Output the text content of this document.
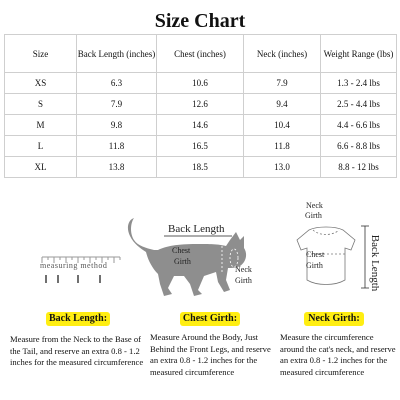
Size Chart
Size	Back Length (inches)	Chest (inches)	Neck (inches)	Weight Range (lbs)
XS	6.3	10.6	7.9	1.3 - 2.4 lbs
S	7.9	12.6	9.4	2.5 - 4.4 lbs
M	9.8	14.6	10.4	4.4 - 6.6 lbs
L	11.8	16.5	11.8	6.6 - 8.8 lbs
XL	13.8	18.5	13.0	8.8 - 12 lbs
measuring method
Back Length
Chest
Girth
Neck
Girth
Neck
Girth
Chest
Girth	Back Length
Back Length:	Chest Girth:	Neck Girth:
Measure from the Neck to the Base of the Tail, and reserve an extra 0.8 - 1.2 inches for the measured circumference
Measure Around the Body, Just Behind the Front Legs, and reserve an extra 0.8 - 1.2 inches for the measured circumference
Measure the circumference around the cat's neck, and reserve an extra 0.8 - 1.2 inches for the measured circumference
